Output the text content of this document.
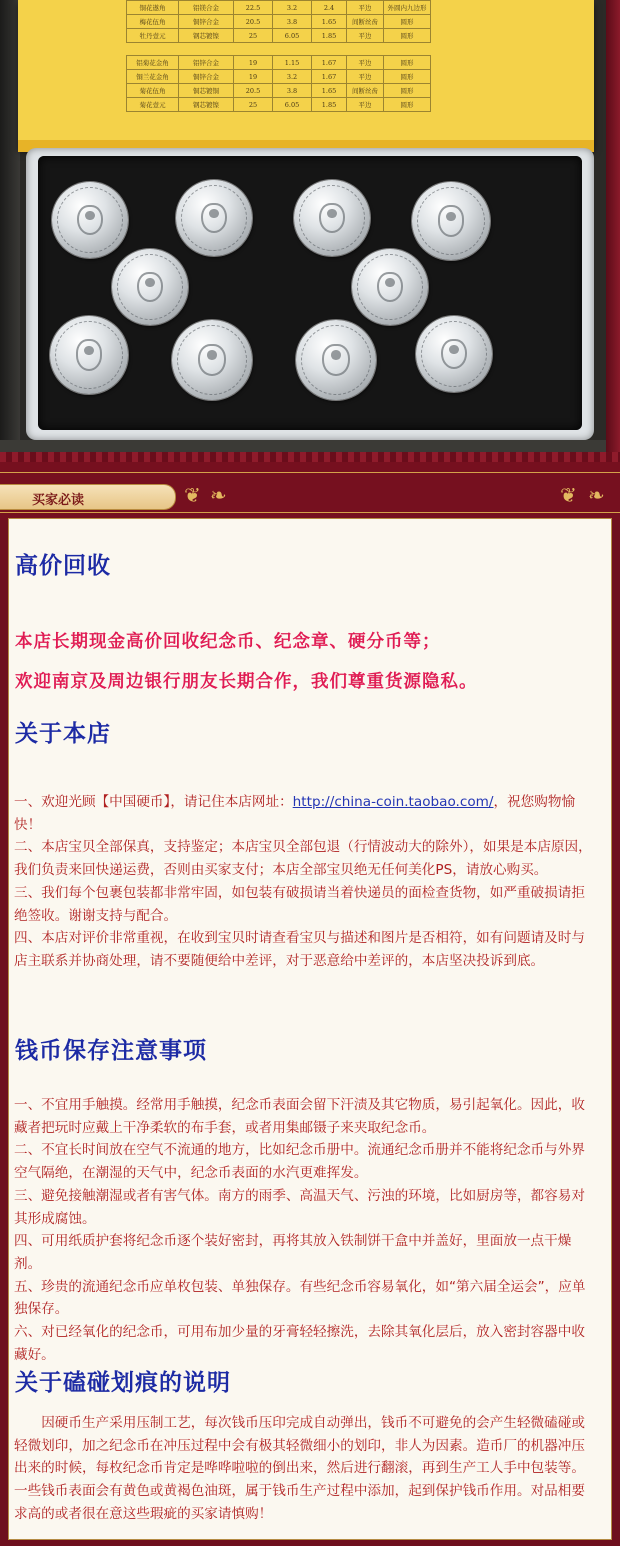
铜花遨角	铝镁合金	22.5	3.2	2.4	平边	外圆内九边形
梅花伍角	铜锌合金	20.5	3.8	1.65	间断丝齿	圆形
牡丹壹元	钢芯镀镍	25	6.05	1.85	平边	圆形

铝菊花金角	铝锌合金	19	1.15	1.67	平边	圆形
铜兰花金角	铜锌合金	19	3.2	1.67	平边	圆形
菊花伍角	铜芯镀铜	20.5	3.8	1.65	间断丝齿	圆形
菊花壹元	钢芯镀镍	25	6.05	1.85	平边	圆形
买家必读	❦ ❧	❦ ❧
高价回收
本店长期现金高价回收纪念币、纪念章、硬分币等；
欢迎南京及周边银行朋友长期合作，我们尊重货源隐私。
关于本店

一、欢迎光顾【中国硬币】，请记住本店网址：http://china-coin.taobao.com/，祝您购物愉快！

二、本店宝贝全部保真，支持鉴定；本店宝贝全部包退（行情波动大的除外），如果是本店原因，我们负责来回快递运费，否则由买家支付；本店全部宝贝绝无任何美化PS，请放心购买。

三、我们每个包裹包装都非常牢固，如包装有破损请当着快递员的面检查货物，如严重破损请拒绝签收。谢谢支持与配合。

四、本店对评价非常重视，在收到宝贝时请查看宝贝与描述和图片是否相符，如有问题请及时与店主联系并协商处理，请不要随便给中差评，对于恶意给中差评的，本店坚决投诉到底。

钱币保存注意事项

一、不宜用手触摸。经常用手触摸，纪念币表面会留下汗渍及其它物质，易引起氧化。因此，收藏者把玩时应戴上干净柔软的布手套，或者用集邮镊子来夹取纪念币。

二、不宜长时间放在空气不流通的地方，比如纪念币册中。流通纪念币册并不能将纪念币与外界空气隔绝，在潮湿的天气中，纪念币表面的水汽更难挥发。

三、避免接触潮湿或者有害气体。南方的雨季、高温天气、污浊的环境，比如厨房等，都容易对其形成腐蚀。

四、可用纸质护套将纪念币逐个装好密封，再将其放入铁制饼干盒中并盖好，里面放一点干燥剂。

五、珍贵的流通纪念币应单枚包装、单独保存。有些纪念币容易氧化，如“第六届全运会”，应单独保存。

六、对已经氧化的纪念币，可用布加少量的牙膏轻轻擦洗，去除其氧化层后，放入密封容器中收藏好。

关于磕碰划痕的说明
因硬币生产采用压制工艺，每次钱币压印完成自动弹出，钱币不可避免的会产生轻微磕碰或轻微划印，加之纪念币在冲压过程中会有极其轻微细小的划印，非人为因素。造币厂的机器冲压出来的时候，每枚纪念币肯定是哗哗啦啦的倒出来，然后进行翻滚，再到生产工人手中包装等。一些钱币表面会有黄色或黄褐色油斑，属于钱币生产过程中添加，起到保护钱币作用。对品相要求高的或者很在意这些瑕疵的买家请慎购！
